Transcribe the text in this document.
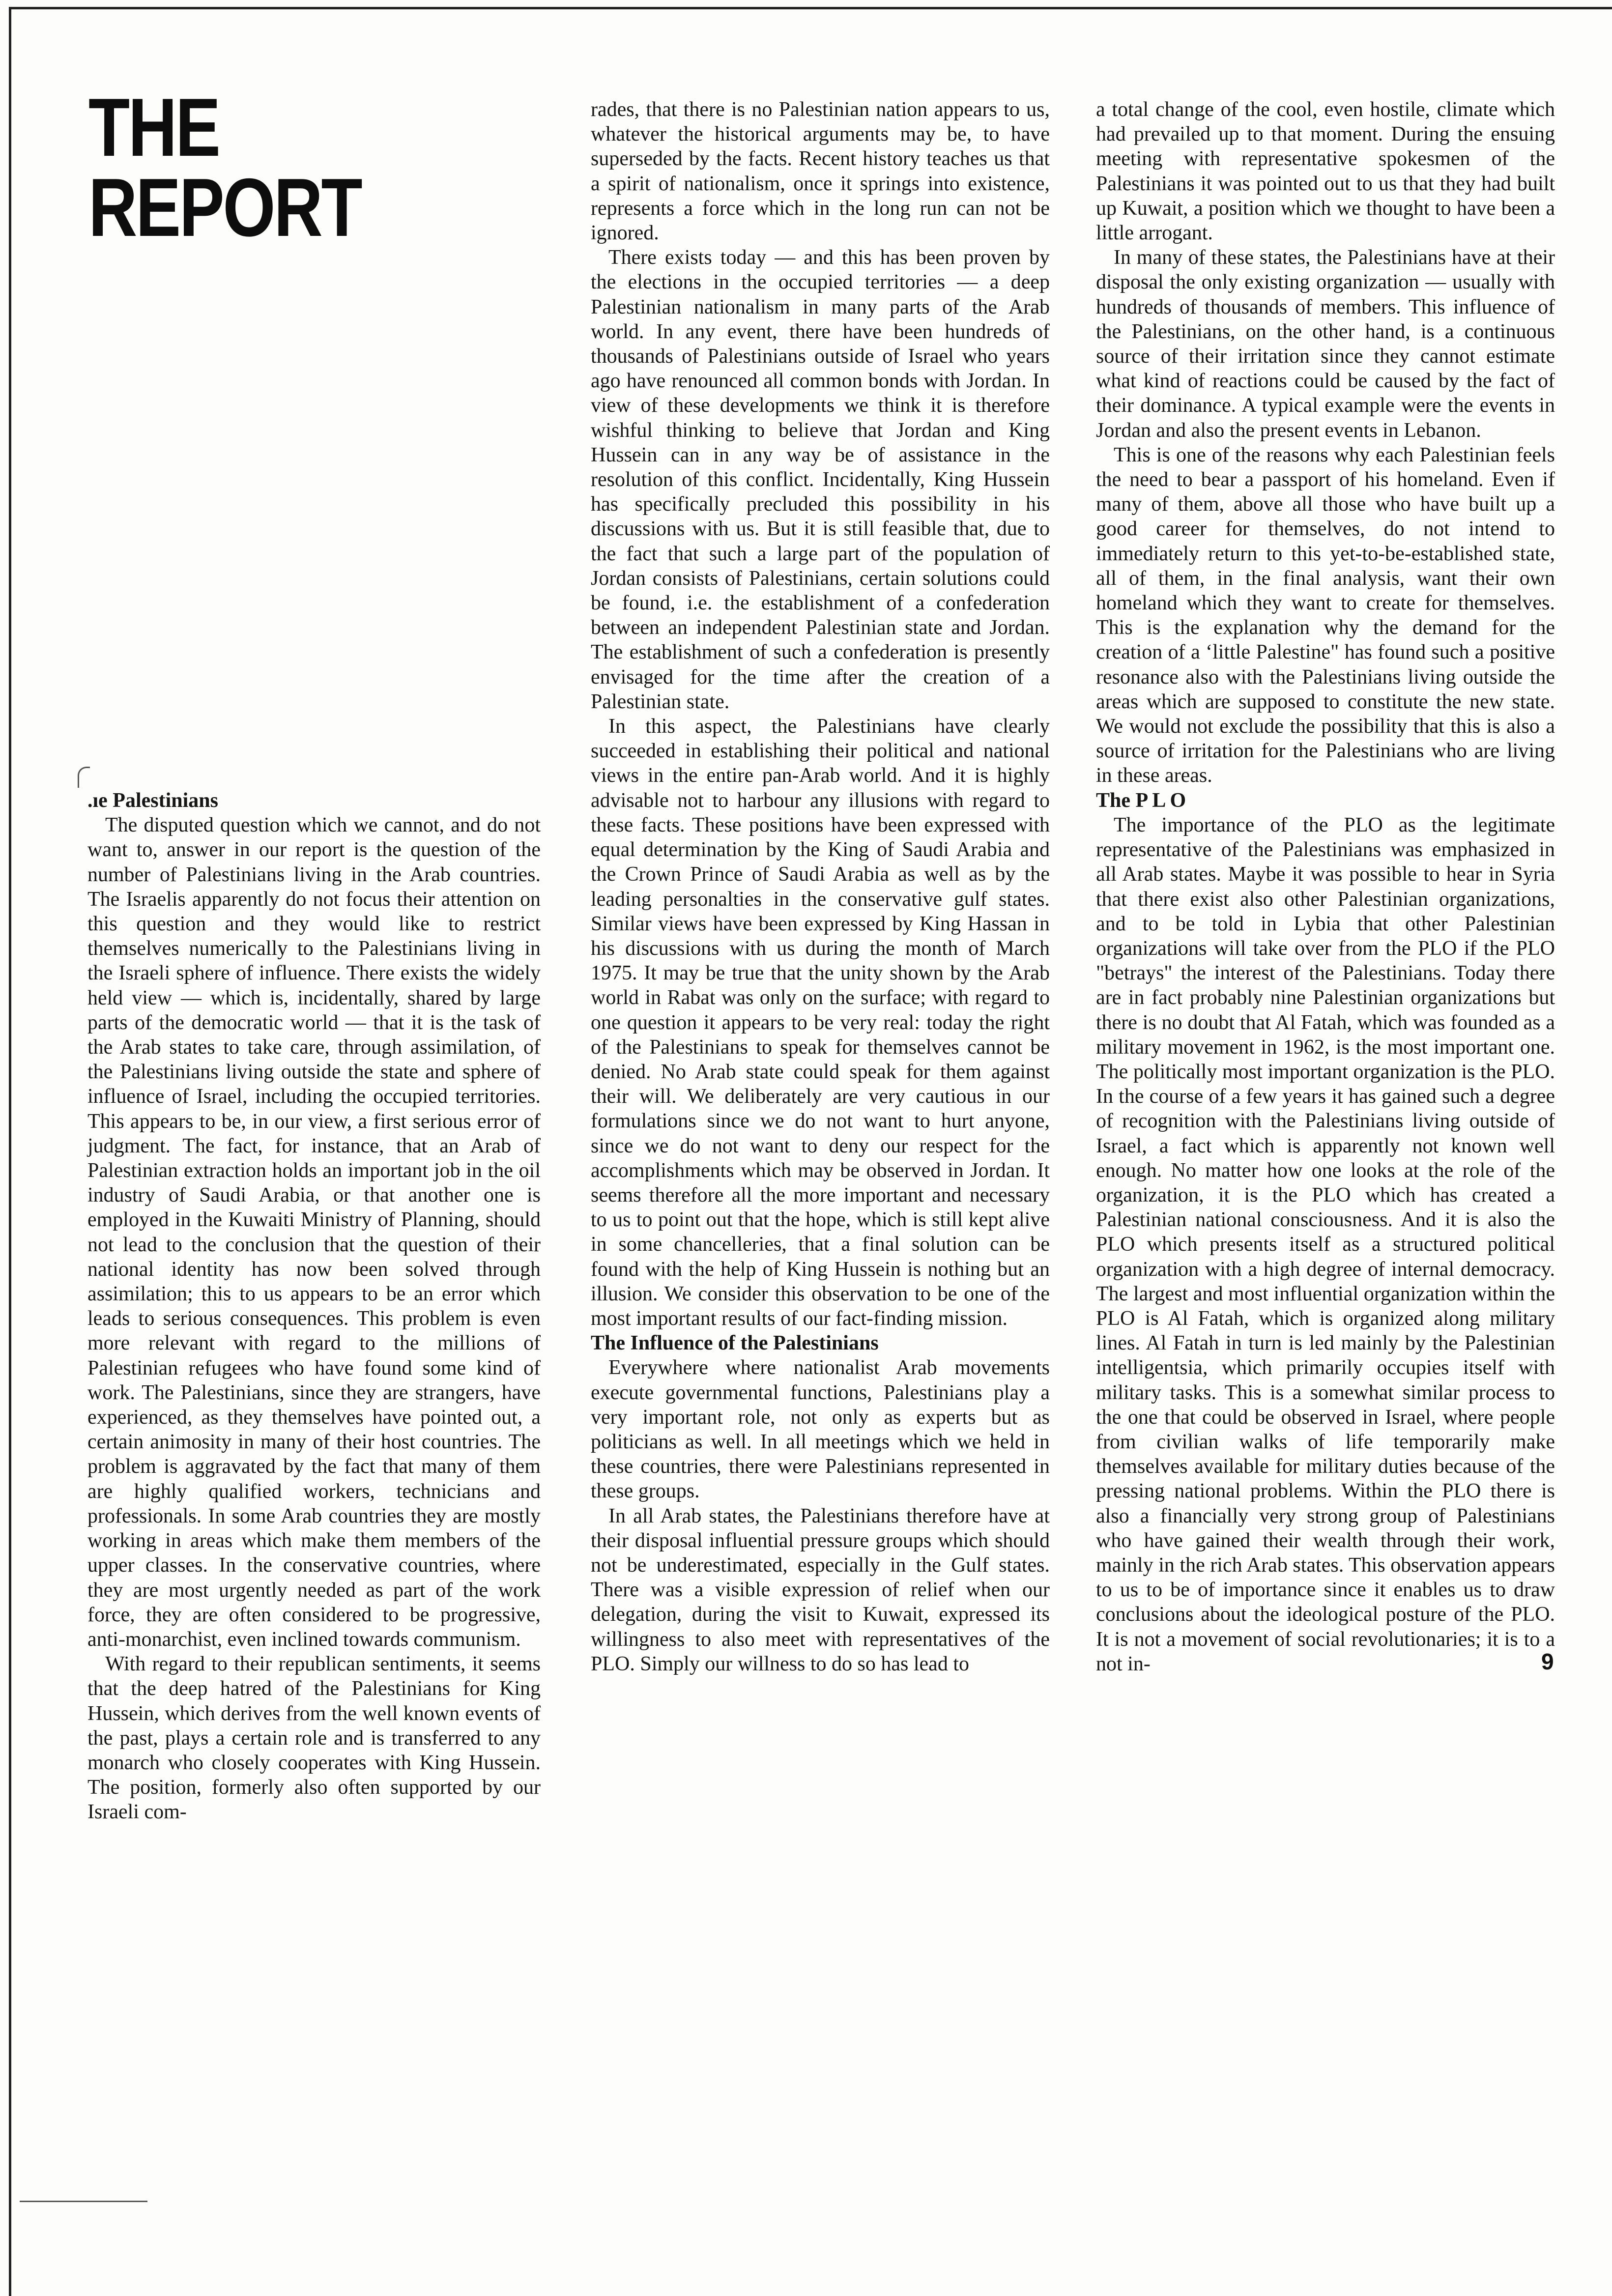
THE
REPORT
.ıe Palestinians

The disputed question which we cannot, and do not want to, answer in our report is the question of the number of Palestinians living in the Arab countries. The Israelis apparently do not focus their attention on this question and they would like to restrict themselves numerically to the Palestinians living in the Israeli sphere of influence. There exists the widely held view — which is, incidentally, shared by large parts of the democratic world — that it is the task of the Arab states to take care, through assimilation, of the Palestinians living outside the state and sphere of influence of Israel, including the occupied territories. This appears to be, in our view, a first serious error of judgment. The fact, for instance, that an Arab of Palestinian extraction holds an important job in the oil industry of Saudi Arabia, or that another one is employed in the Kuwaiti Ministry of Planning, should not lead to the conclusion that the question of their national identity has now been solved through assimilation; this to us appears to be an error which leads to serious consequences. This problem is even more relevant with regard to the millions of Palestinian refugees who have found some kind of work. The Palestinians, since they are strangers, have experienced, as they themselves have pointed out, a certain animosity in many of their host countries. The problem is aggravated by the fact that many of them are highly qualified workers, technicians and professionals. In some Arab countries they are mostly working in areas which make them members of the upper classes. In the conservative countries, where they are most urgently needed as part of the work force, they are often considered to be progressive, anti-monarchist, even inclined towards communism.

With regard to their republican sentiments, it seems that the deep hatred of the Palestinians for King Hussein, which derives from the well known events of the past, plays a certain role and is transferred to any monarch who closely cooperates with King Hussein. The position, formerly also often supported by our Israeli com-

rades, that there is no Palestinian nation appears to us, whatever the historical arguments may be, to have superseded by the facts. Recent history teaches us that a spirit of nationalism, once it springs into existence, represents a force which in the long run can not be ignored.

There exists today — and this has been proven by the elections in the occupied territories — a deep Palestinian nationalism in many parts of the Arab world. In any event, there have been hundreds of thousands of Palestinians outside of Israel who years ago have renounced all common bonds with Jordan. In view of these developments we think it is therefore wishful thinking to believe that Jordan and King Hussein can in any way be of assistance in the resolution of this conflict. Incidentally, King Hussein has specifically precluded this possibility in his discussions with us. But it is still feasible that, due to the fact that such a large part of the population of Jordan consists of Palestinians, certain solutions could be found, i.e. the establishment of a confederation between an independent Palestinian state and Jordan. The establishment of such a confederation is presently envisaged for the time after the creation of a Palestinian state.

In this aspect, the Palestinians have clearly succeeded in establishing their political and national views in the entire pan-Arab world. And it is highly advisable not to harbour any illusions with regard to these facts. These positions have been expressed with equal determination by the King of Saudi Arabia and the Crown Prince of Saudi Arabia as well as by the leading personalties in the conservative gulf states. Similar views have been expressed by King Hassan in his discussions with us during the month of March 1975. It may be true that the unity shown by the Arab world in Rabat was only on the surface; with regard to one question it appears to be very real: today the right of the Palestinians to speak for themselves cannot be denied. No Arab state could speak for them against their will. We deliberately are very cautious in our formulations since we do not want to hurt anyone, since we do not want to deny our respect for the accomplishments which may be observed in Jordan. It seems therefore all the more important and necessary to us to point out that the hope, which is still kept alive in some chancelleries, that a final solution can be found with the help of King Hussein is nothing but an illusion. We consider this observation to be one of the most important results of our fact-finding mission.

The Influence of the Palestinians

Everywhere where nationalist Arab movements execute governmental functions, Palestinians play a very important role, not only as experts but as politicians as well. In all meetings which we held in these countries, there were Palestinians represented in these groups.

In all Arab states, the Palestinians therefore have at their disposal influential pressure groups which should not be underestimated, especially in the Gulf states. There was a visible expression of relief when our delegation, during the visit to Kuwait, expressed its willingness to also meet with representatives of the PLO. Simply our willness to do so has lead to

a total change of the cool, even hostile, climate which had prevailed up to that moment. During the ensuing meeting with representative spokesmen of the Palestinians it was pointed out to us that they had built up Kuwait, a position which we thought to have been a little arrogant.

In many of these states, the Palestinians have at their disposal the only existing organization — usually with hundreds of thousands of members. This influence of the Palestinians, on the other hand, is a continuous source of their irritation since they cannot estimate what kind of reactions could be caused by the fact of their dominance. A typical example were the events in Jordan and also the present events in Lebanon.

This is one of the reasons why each Palestinian feels the need to bear a passport of his homeland. Even if many of them, above all those who have built up a good career for themselves, do not intend to immediately return to this yet-to-be-established state, all of them, in the final analysis, want their own homeland which they want to create for themselves. This is the explanation why the demand for the creation of a ‘little Palestine" has found such a positive resonance also with the Palestinians living outside the areas which are supposed to constitute the new state. We would not exclude the possibility that this is also a source of irritation for the Palestinians who are living in these areas.

The P L O

The importance of the PLO as the legitimate representative of the Palestinians was emphasized in all Arab states. Maybe it was possible to hear in Syria that there exist also other Palestinian organizations, and to be told in Lybia that other Palestinian organizations will take over from the PLO if the PLO "betrays" the interest of the Palestinians. Today there are in fact probably nine Palestinian organizations but there is no doubt that Al Fatah, which was founded as a military movement in 1962, is the most important one. The politically most important organization is the PLO. In the course of a few years it has gained such a degree of recognition with the Palestinians living outside of Israel, a fact which is apparently not known well enough. No matter how one looks at the role of the organization, it is the PLO which has created a Palestinian national consciousness. And it is also the PLO which presents itself as a structured political organization with a high degree of internal democracy. The largest and most influential organization within the PLO is Al Fatah, which is organized along military lines. Al Fatah in turn is led mainly by the Palestinian intelligentsia, which primarily occupies itself with military tasks. This is a somewhat similar process to the one that could be observed in Israel, where people from civilian walks of life temporarily make themselves available for military duties because of the pressing national problems. Within the PLO there is also a financially very strong group of Palestinians who have gained their wealth through their work, mainly in the rich Arab states. This observation appears to us to be of importance since it enables us to draw conclusions about the ideological posture of the PLO. It is not a movement of social revolutionaries; it is to a not in-	9
